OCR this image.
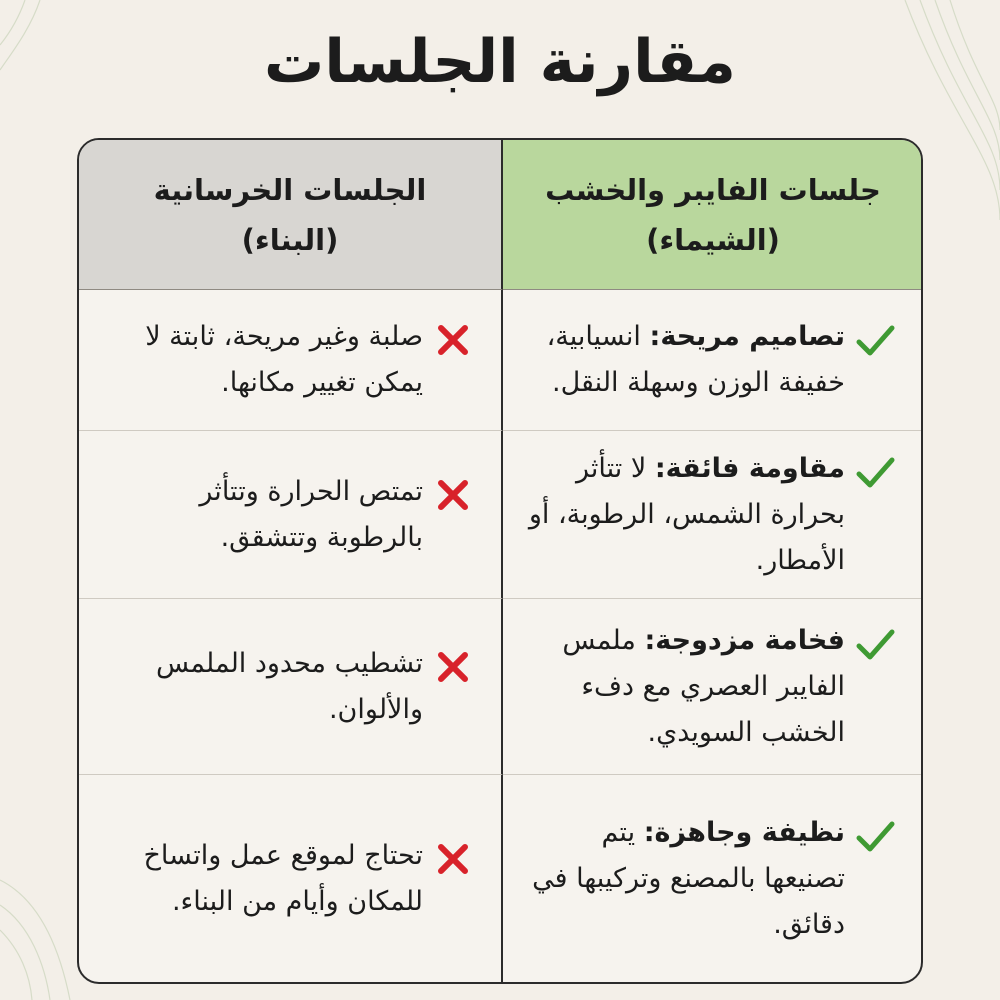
مقارنة الجلسات
الجلسات الخرسانية
(البناء)
جلسات الفايبر والخشب
(الشيماء)
صلبة وغير مريحة، ثابتة لا يمكن تغيير مكانها.
تصاميم مريحة: انسيابية، خفيفة الوزن وسهلة النقل.
تمتص الحرارة وتتأثر بالرطوبة وتتشقق.
مقاومة فائقة: لا تتأثر بحرارة الشمس، الرطوبة، أو الأمطار.
تشطيب محدود الملمس والألوان.
فخامة مزدوجة: ملمس الفايبر العصري مع دفء الخشب السويدي.
تحتاج لموقع عمل واتساخ للمكان وأيام من البناء.
نظيفة وجاهزة: يتم تصنيعها بالمصنع وتركيبها في دقائق.
